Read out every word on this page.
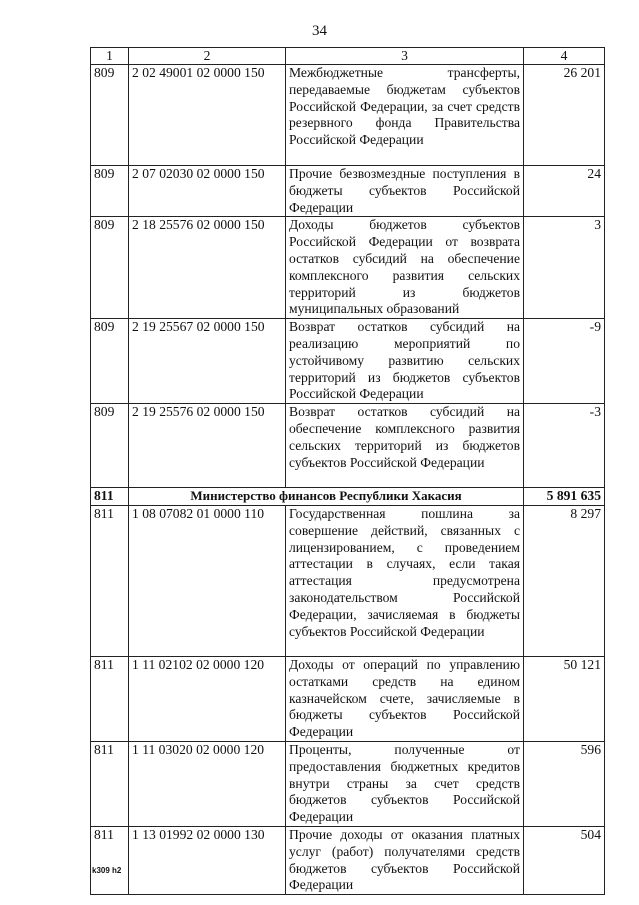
34
1	2	3	4
809	2 02 49001 02 0000 150	Межбюджетные трансферты, передаваемые бюджетам субъектов Российской Федерации, за счет средств резервного фонда Правительства Российской Федерации	26 201
809	2 07 02030 02 0000 150	Прочие безвозмездные поступления в бюджеты субъектов Российской Федерации	24
809	2 18 25576 02 0000 150	Доходы бюджетов субъектов Российской Федерации от возврата остатков субсидий на обеспечение комплексного развития сельских территорий из бюджетов муниципальных образований	3
809	2 19 25567 02 0000 150	Возврат остатков субсидий на реализацию мероприятий по устойчивому развитию сельских территорий из бюджетов субъектов Российской Федерации	-9
809	2 19 25576 02 0000 150	Возврат остатков субсидий на обеспечение комплексного развития сельских территорий из бюджетов субъектов Российской Федерации	-3
811	Министерство финансов Республики Хакасия		5 891 635
811	1 08 07082 01 0000 110	Государственная пошлина за совершение действий, связанных с лицензированием, с проведением аттестации в случаях, если такая аттестация предусмотрена законодательством Российской Федерации, зачисляемая в бюджеты субъектов Российской Федерации	8 297
811	1 11 02102 02 0000 120	Доходы от операций по управлению остатками средств на едином казначейском счете, зачисляемые в бюджеты субъектов Российской Федерации	50 121
811	1 11 03020 02 0000 120	Проценты, полученные от предоставления бюджетных кредитов внутри страны за счет средств бюджетов субъектов Российской Федерации	596
811	1 13 01992 02 0000 130	Прочие доходы от оказания платных услуг (работ) получателями средств бюджетов субъектов Российской Федерации	504
k309 h2
